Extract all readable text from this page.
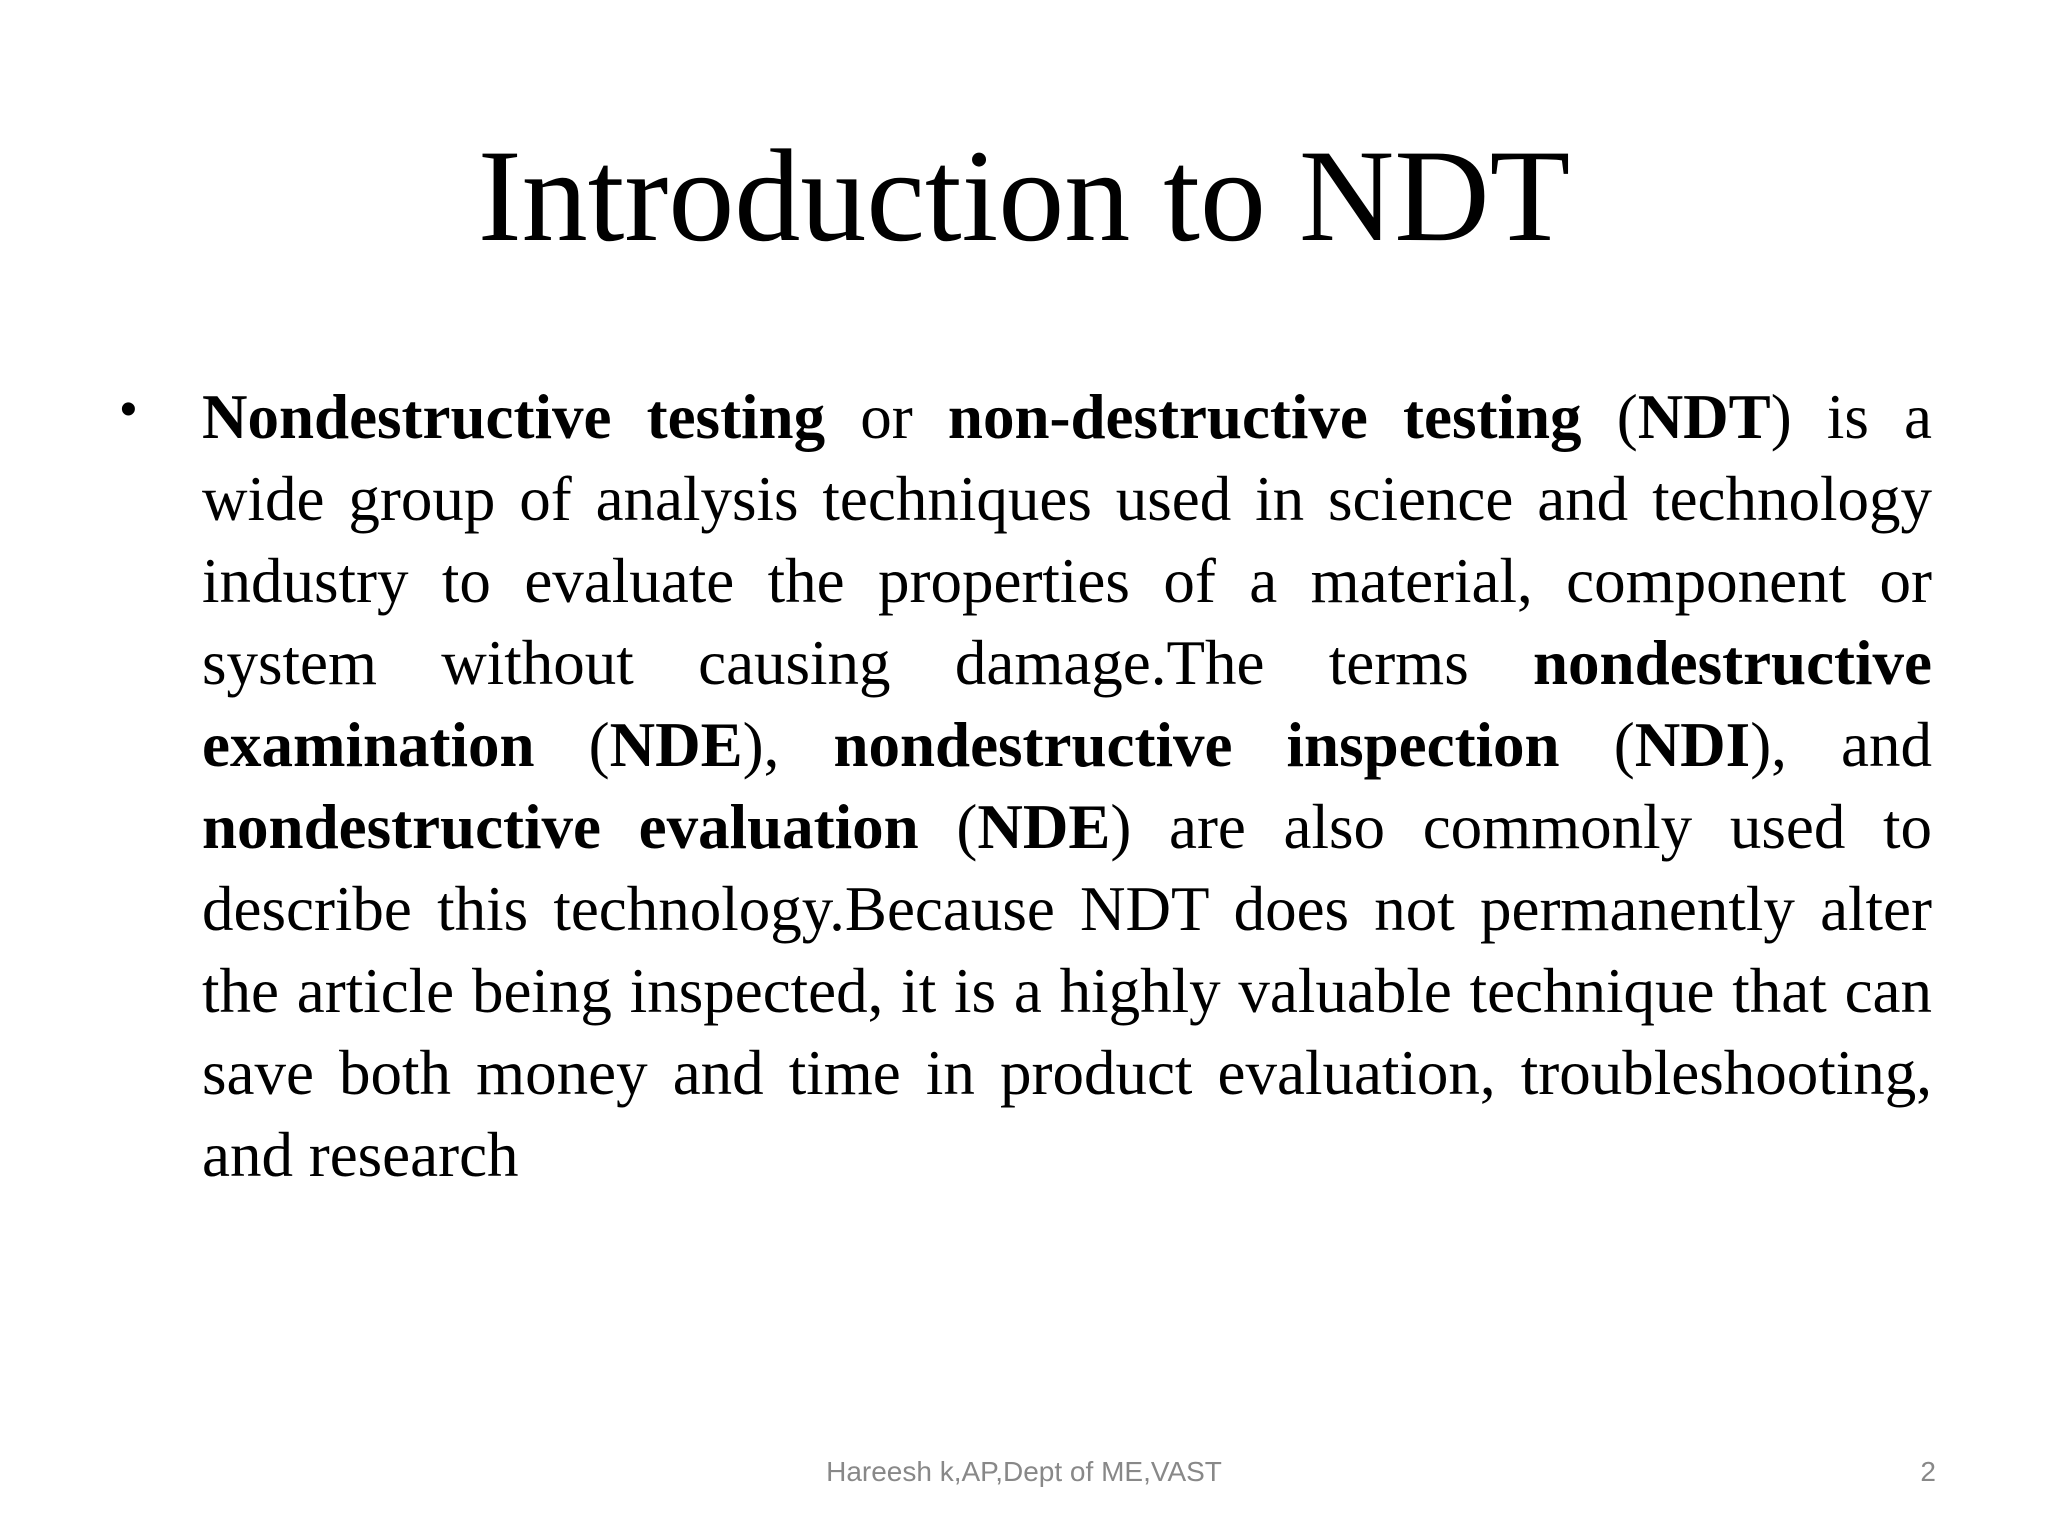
Introduction to NDT
• Nondestructive testing or non-destructive testing (NDT) is a wide group of analysis techniques used in science and technology industry to evaluate the properties of a material, component or system without causing damage.The terms nondestructive examination (NDE), nondestructive inspection (NDI), and nondestructive evaluation (NDE) are also commonly used to describe this technology.Because NDT does not permanently alter the article being inspected, it is a highly valuable technique that can save both money and time in product evaluation, troubleshooting, and research
Hareesh k,AP,Dept of ME,VAST	2
